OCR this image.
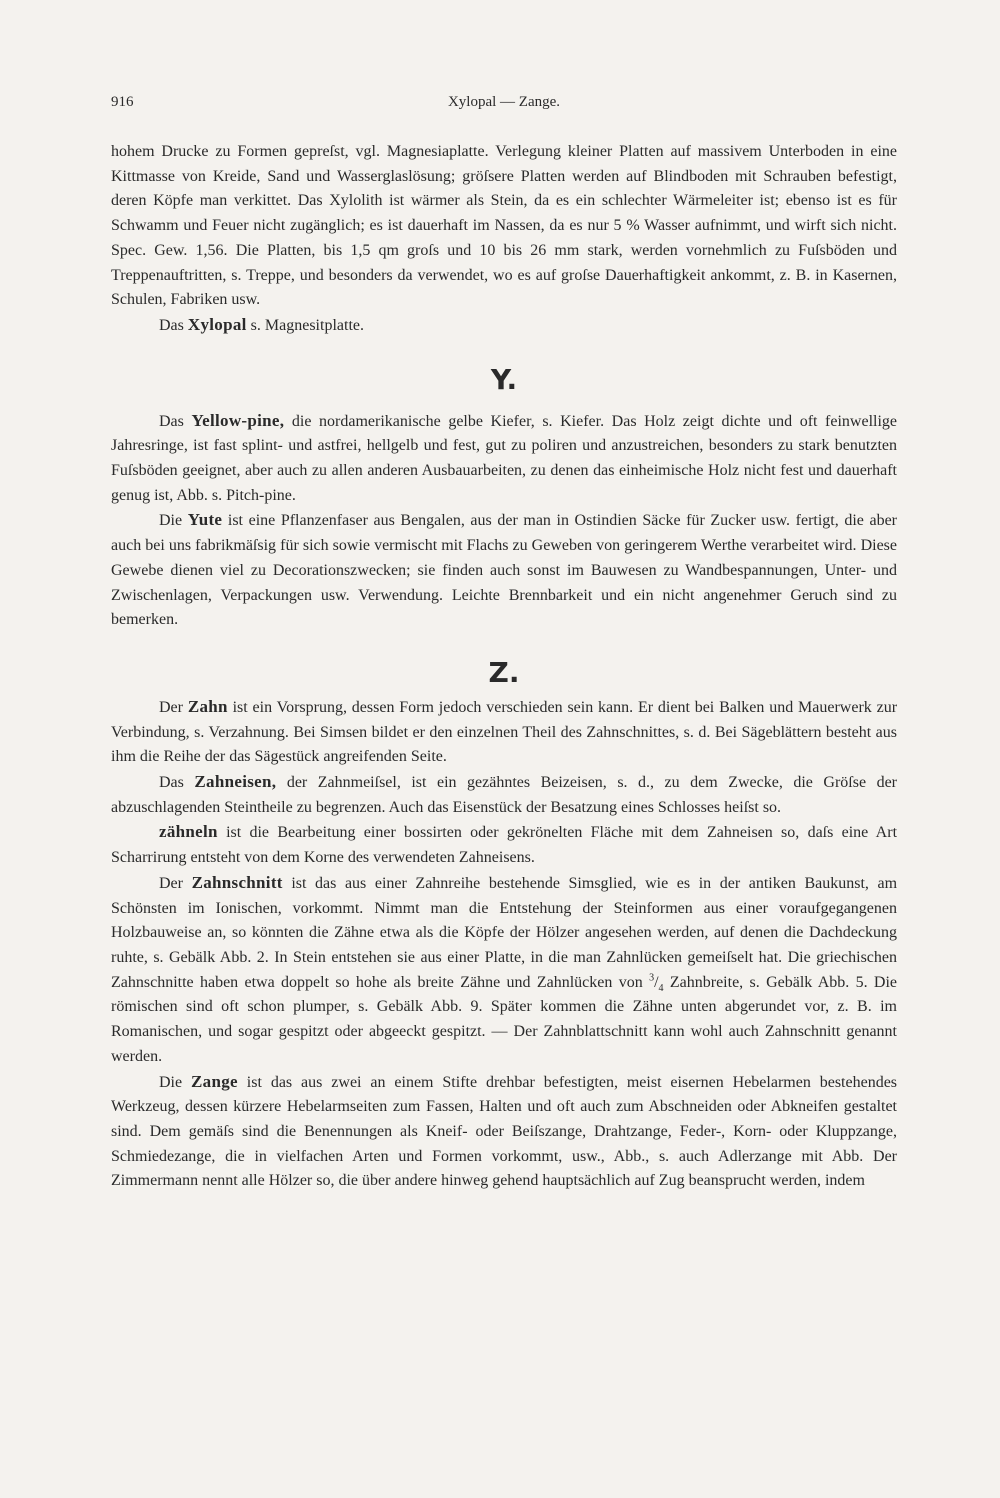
916	Xylopal — Zange.

hohem Drucke zu Formen gepreſst, vgl. Magnesiaplatte. Verlegung kleiner Platten auf massivem Unterboden in eine Kittmasse von Kreide, Sand und Wasserglaslösung; gröſsere Platten werden auf Blindboden mit Schrauben befestigt, deren Köpfe man verkittet. Das Xylolith ist wärmer als Stein, da es ein schlechter Wärmeleiter ist; ebenso ist es für Schwamm und Feuer nicht zugänglich; es ist dauerhaft im Nassen, da es nur 5 % Wasser aufnimmt, und wirft sich nicht. Spec. Gew. 1,56. Die Platten, bis 1,5 qm groſs und 10 bis 26 mm stark, werden vornehmlich zu Fuſsböden und Treppenauftritten, s. Treppe, und besonders da verwendet, wo es auf groſse Dauerhaftigkeit ankommt, z. B. in Kasernen, Schulen, Fabriken usw.

Das Xylopal s. Magnesitplatte.

Y.

Das Yellow-pine, die nordamerikanische gelbe Kiefer, s. Kiefer. Das Holz zeigt dichte und oft feinwellige Jahresringe, ist fast splint- und astfrei, hellgelb und fest, gut zu poliren und anzustreichen, besonders zu stark benutzten Fuſsböden geeignet, aber auch zu allen anderen Ausbauarbeiten, zu denen das einheimische Holz nicht fest und dauerhaft genug ist, Abb. s. Pitch-pine.

Die Yute ist eine Pflanzenfaser aus Bengalen, aus der man in Ostindien Säcke für Zucker usw. fertigt, die aber auch bei uns fabrikmäſsig für sich sowie vermischt mit Flachs zu Geweben von geringerem Werthe verarbeitet wird. Diese Gewebe dienen viel zu Decorationszwecken; sie finden auch sonst im Bauwesen zu Wandbespannungen, Unter- und Zwischenlagen, Verpackungen usw. Verwendung. Leichte Brennbarkeit und ein nicht angenehmer Geruch sind zu bemerken.

Z.

Der Zahn ist ein Vorsprung, dessen Form jedoch verschieden sein kann. Er dient bei Balken und Mauerwerk zur Verbindung, s. Verzahnung. Bei Simsen bildet er den einzelnen Theil des Zahnschnittes, s. d. Bei Sägeblättern besteht aus ihm die Reihe der das Sägestück angreifenden Seite.

Das Zahneisen, der Zahnmeiſsel, ist ein gezähntes Beizeisen, s. d., zu dem Zwecke, die Gröſse der abzuschlagenden Steintheile zu begrenzen. Auch das Eisenstück der Besatzung eines Schlosses heiſst so.

zähneln ist die Bearbeitung einer bossirten oder gekrönelten Fläche mit dem Zahneisen so, daſs eine Art Scharrirung entsteht von dem Korne des verwendeten Zahneisens.

Der Zahnschnitt ist das aus einer Zahnreihe bestehende Simsglied, wie es in der antiken Baukunst, am Schönsten im Ionischen, vorkommt. Nimmt man die Entstehung der Steinformen aus einer voraufgegangenen Holzbauweise an, so könnten die Zähne etwa als die Köpfe der Hölzer angesehen werden, auf denen die Dachdeckung ruhte, s. Gebälk Abb. 2. In Stein entstehen sie aus einer Platte, in die man Zahnlücken gemeiſselt hat. Die griechischen Zahnschnitte haben etwa doppelt so hohe als breite Zähne und Zahnlücken von $^3/_4$ Zahnbreite, s. Gebälk Abb. 5. Die römischen sind oft schon plumper, s. Gebälk Abb. 9. Später kommen die Zähne unten abgerundet vor, z. B. im Romanischen, und sogar gespitzt oder abgeeckt gespitzt. — Der Zahnblattschnitt kann wohl auch Zahnschnitt genannt werden.

Die Zange ist das aus zwei an einem Stifte drehbar befestigten, meist eisernen Hebelarmen bestehendes Werkzeug, dessen kürzere Hebelarmseiten zum Fassen, Halten und oft auch zum Abschneiden oder Abkneifen gestaltet sind. Dem gemäſs sind die Benennungen als Kneif- oder Beiſszange, Drahtzange, Feder-, Korn- oder Kluppzange, Schmiedezange, die in vielfachen Arten und Formen vorkommt, usw., Abb., s. auch Adlerzange mit Abb. Der Zimmermann nennt alle Hölzer so, die über andere hinweg gehend hauptsächlich auf Zug beansprucht werden, indem
